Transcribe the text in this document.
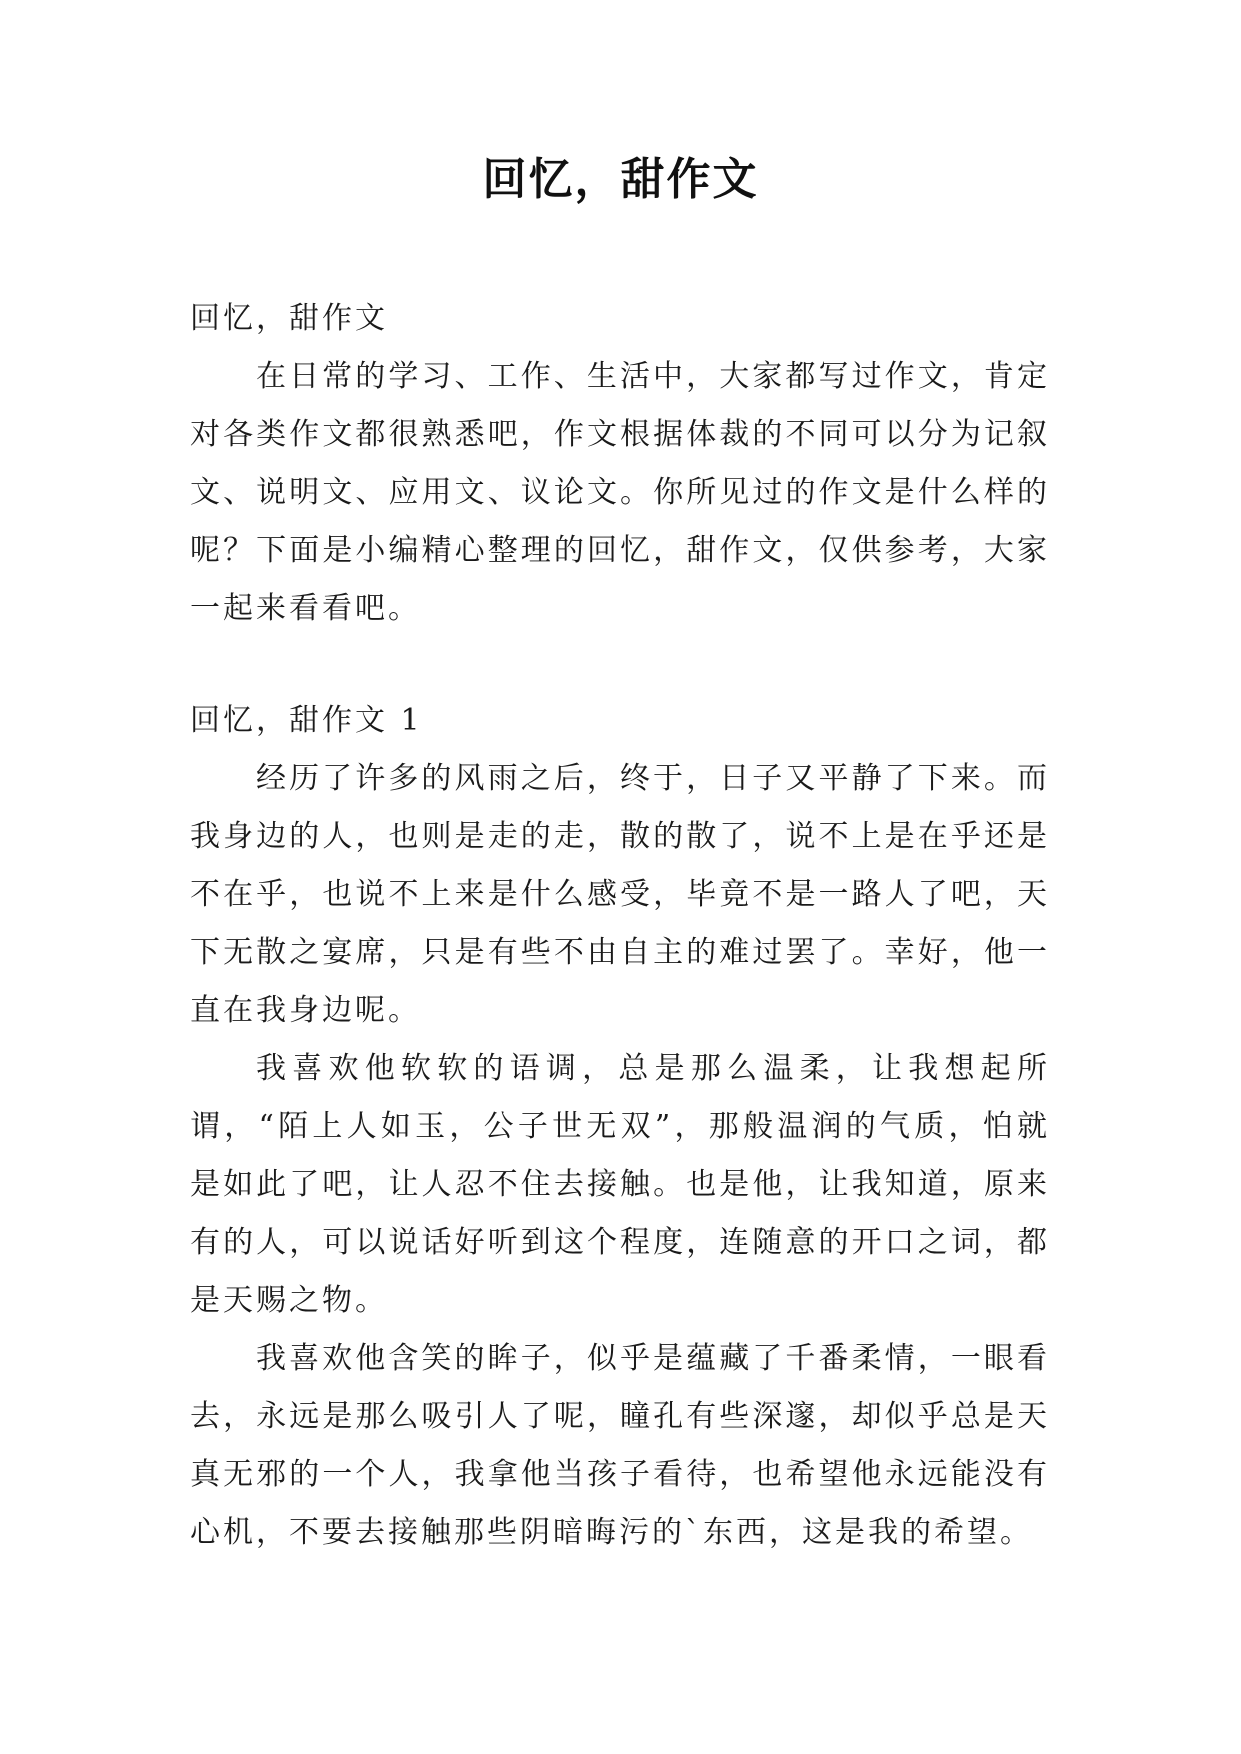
回忆，甜作文

回忆，甜作文

在日常的学习、工作、生活中，大家都写过作文，肯定对各类作文都很熟悉吧，作文根据体裁的不同可以分为记叙文、说明文、应用文、议论文。你所见过的作文是什么样的呢？下面是小编精心整理的回忆，甜作文，仅供参考，大家一起来看看吧。

回忆，甜作文 1

经历了许多的风雨之后，终于，日子又平静了下来。而我身边的人，也则是走的走，散的散了，说不上是在乎还是不在乎，也说不上来是什么感受，毕竟不是一路人了吧，天下无散之宴席，只是有些不由自主的难过罢了。幸好，他一直在我身边呢。

我喜欢他软软的语调，总是那么温柔，让我想起所谓，“陌上人如玉，公子世无双”，那般温润的气质，怕就是如此了吧，让人忍不住去接触。也是他，让我知道，原来有的人，可以说话好听到这个程度，连随意的开口之词，都是天赐之物。

我喜欢他含笑的眸子，似乎是蕴藏了千番柔情，一眼看去，永远是那么吸引人了呢，瞳孔有些深邃，却似乎总是天真无邪的一个人，我拿他当孩子看待，也希望他永远能没有心机，不要去接触那些阴暗晦污的`东西，这是我的希望。
